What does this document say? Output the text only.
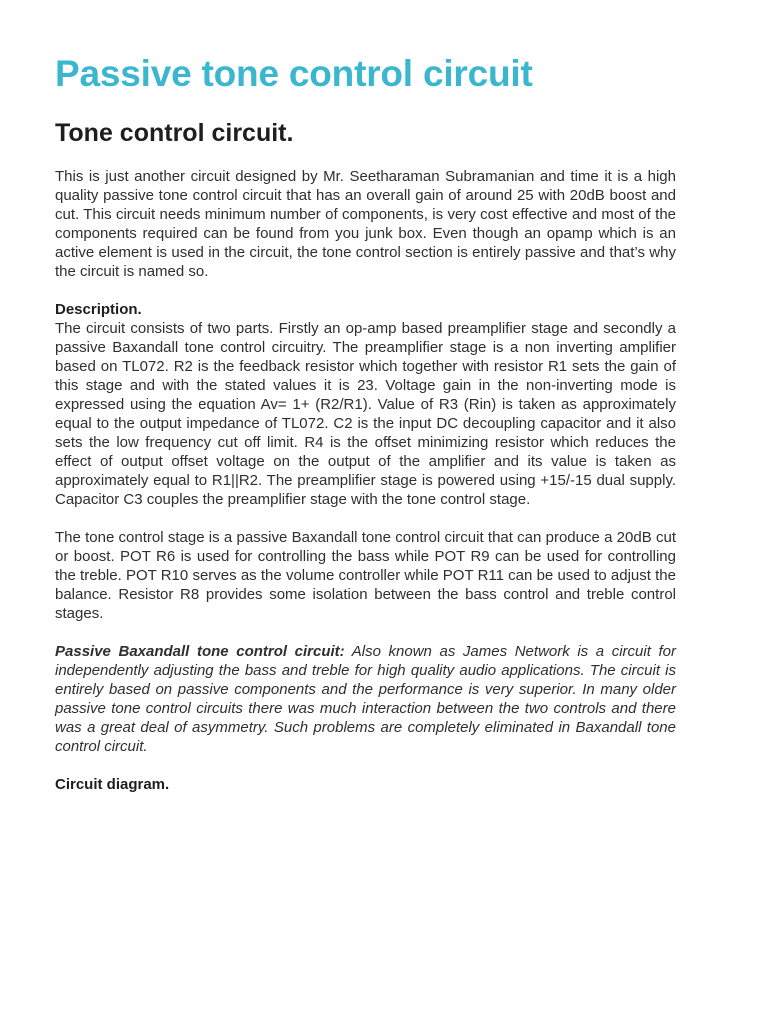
Passive tone control circuit
Tone control circuit.

This is just another circuit designed by Mr. Seetharaman Subramanian and time it is a high quality passive tone control circuit that has an overall gain of around 25 with 20dB boost and cut. This circuit needs minimum number of components, is very cost effective and most of the components required can be found from you junk box. Even though an opamp which is an active element is used in the circuit, the tone control section is entirely passive and that’s why the circuit is named so.

Description.
The circuit consists of two parts. Firstly an op-amp based preamplifier stage and secondly a passive Baxandall tone control circuitry. The preamplifier stage is a non inverting amplifier based on TL072. R2 is the feedback resistor which together with resistor R1 sets the gain of this stage and with the stated values it is 23. Voltage gain in the non-inverting mode is expressed using the equation Av= 1+ (R2/R1). Value of R3 (Rin) is taken as approximately equal to the output impedance of TL072. C2 is the input DC decoupling capacitor and it also sets the low frequency cut off limit. R4 is the offset minimizing resistor which reduces the effect of output offset voltage on the output of the amplifier and its value is taken as approximately equal to R1||R2. The preamplifier stage is powered using +15/-15 dual supply. Capacitor C3 couples the preamplifier stage with the tone control stage.

The tone control stage is a passive Baxandall tone control circuit that can produce a 20dB cut or boost. POT R6 is used for controlling the bass while POT R9 can be used for controlling the treble. POT R10 serves as the volume controller while POT R11 can be used to adjust the balance. Resistor R8 provides some isolation between the bass control and treble control stages.

Passive Baxandall tone control circuit: Also known as James Network is a circuit for independently adjusting the bass and treble for high quality audio applications. The circuit is entirely based on passive components and the performance is very superior. In many older passive tone control circuits there was much interaction between the two controls and there was a great deal of asymmetry. Such problems are completely eliminated in Baxandall tone control circuit.

Circuit diagram.
